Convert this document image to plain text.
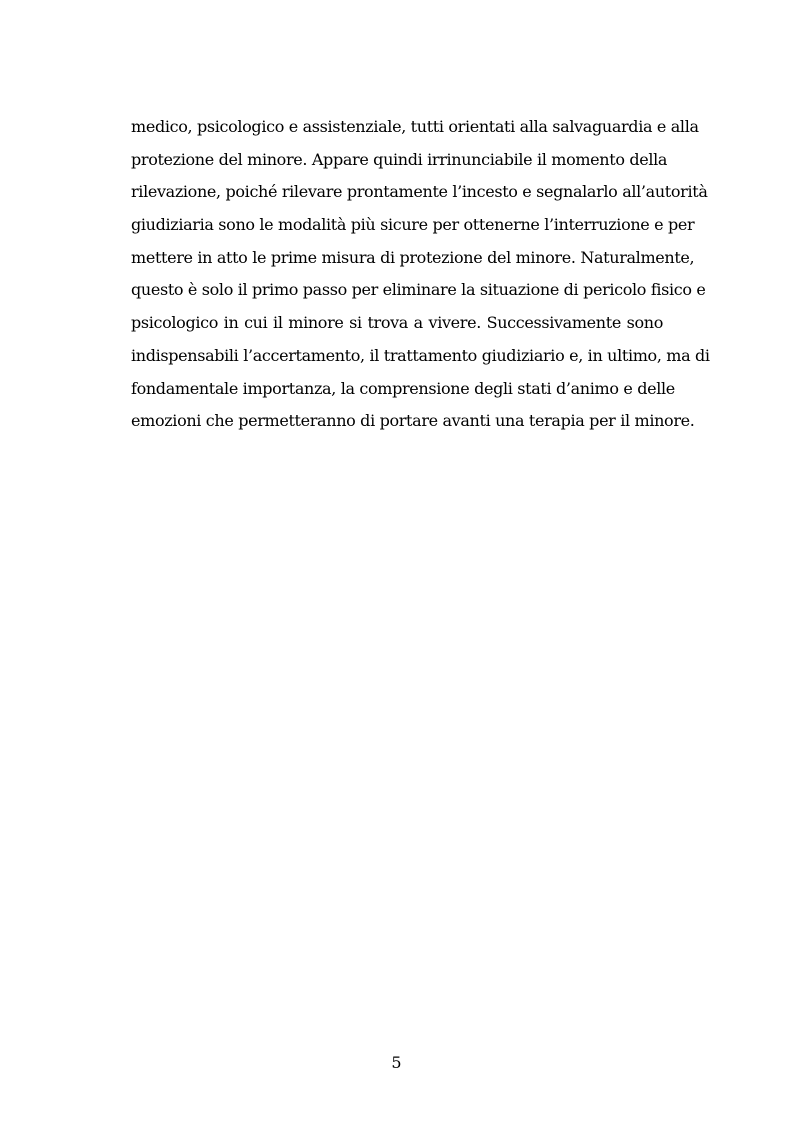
medico, psicologico e assistenziale, tutti orientati alla salvaguardia e alla
protezione del minore. Appare quindi irrinunciabile il momento della
rilevazione, poiché rilevare prontamente l’incesto e segnalarlo all’autorità
giudiziaria sono le modalità più sicure per ottenerne l’interruzione e per
mettere in atto le prime misura di protezione del minore. Naturalmente,
questo è solo il primo passo per eliminare la situazione di pericolo fisico e
psicologico in cui il minore si trova a vivere. Successivamente sono
indispensabili l’accertamento, il trattamento giudiziario e, in ultimo, ma di
fondamentale importanza, la comprensione degli stati d’animo e delle
emozioni che permetteranno di portare avanti una terapia per il minore.
5
